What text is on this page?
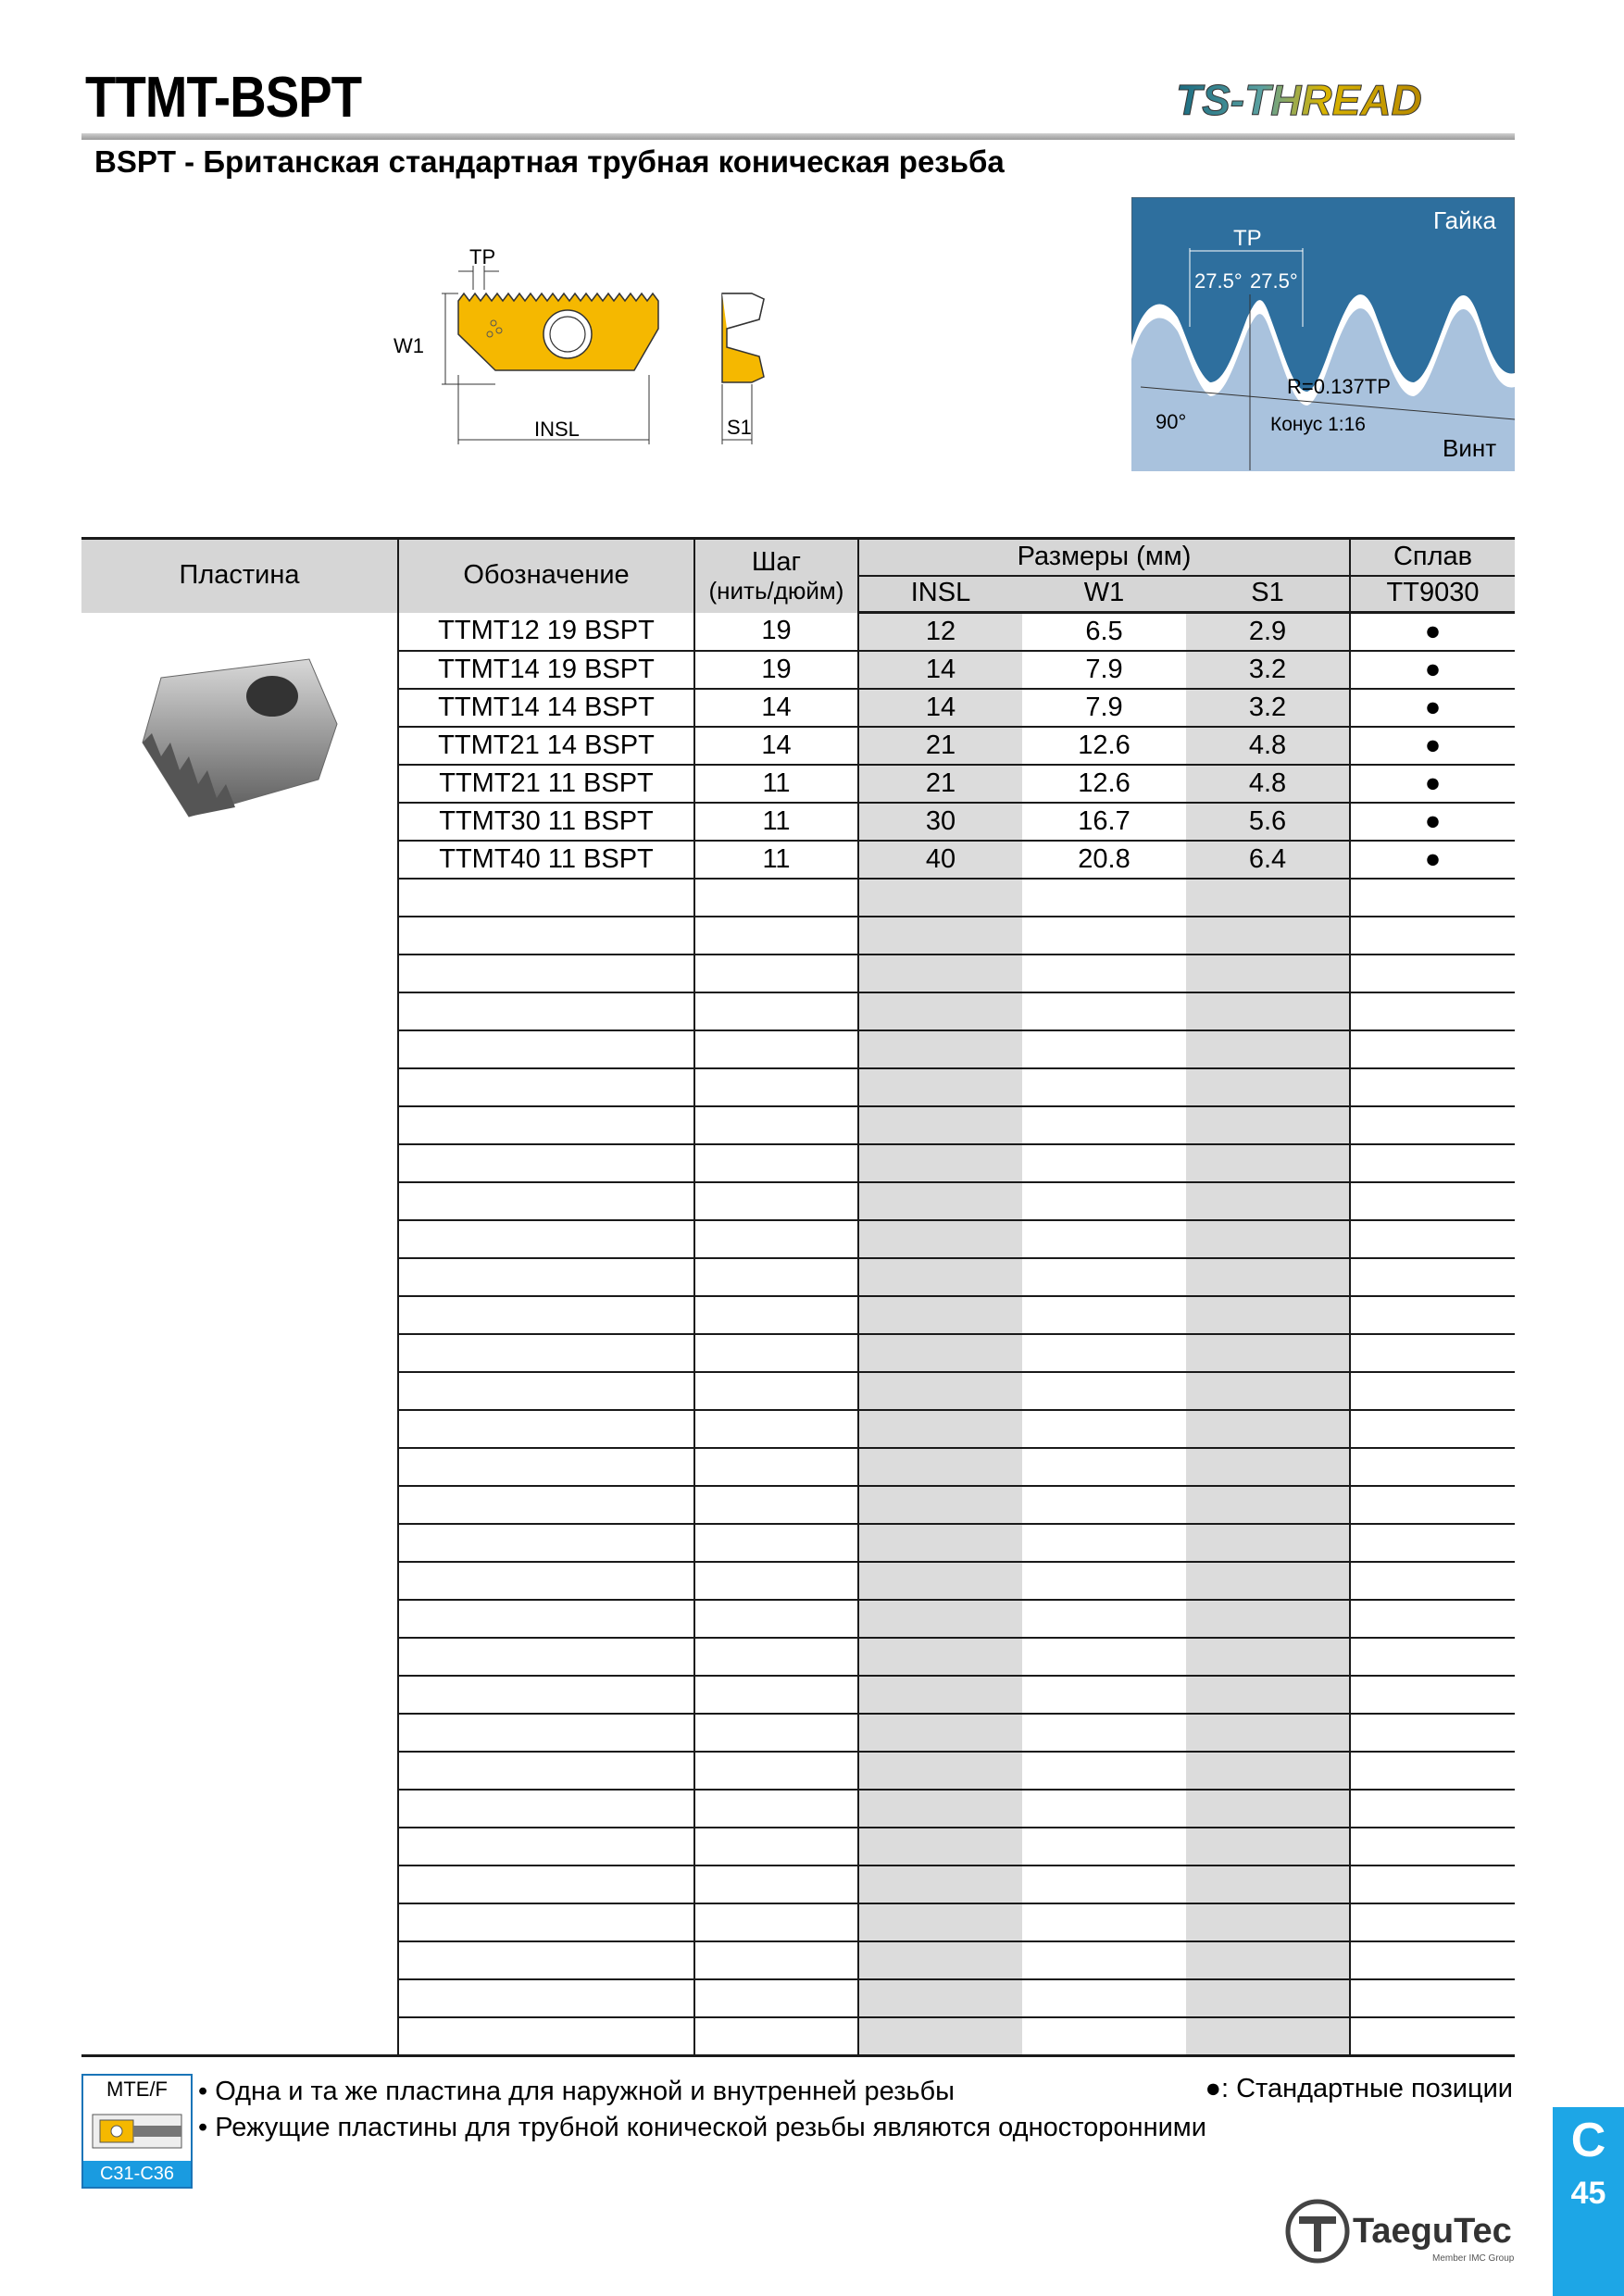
TTMT-BSPT	TS-THREAD
BSPT - Британская стандартная трубная коническая резьба
TP
W1
INSL	S1
TP
Гайка
27.5° 27.5°
R=0.137TP
90°	Конус 1:16
Винт
Пластина	Обозначение	Шаг
(нить/дюйм)	Размеры (мм)			Сплав
			INSL	W1	S1	TT9030
	TTMT12 19 BSPT	19	12	6.5	2.9	●
	TTMT14 19 BSPT	19	14	7.9	3.2	●
	TTMT14 14 BSPT	14	14	7.9	3.2	●
	TTMT21 14 BSPT	14	21	12.6	4.8	●
	TTMT21 11 BSPT	11	21	12.6	4.8	●
	TTMT30 11 BSPT	11	30	16.7	5.6	●
	TTMT40 11 BSPT	11	40	20.8	6.4	●

MTE/F
C31-C36
• Одна и та же пластина для наружной и внутренней резьбы
• Режущие пластины для трубной конической резьбы являются односторонними
●: Стандартные позиции
C
45
TaeguTec
Member IMC Group
